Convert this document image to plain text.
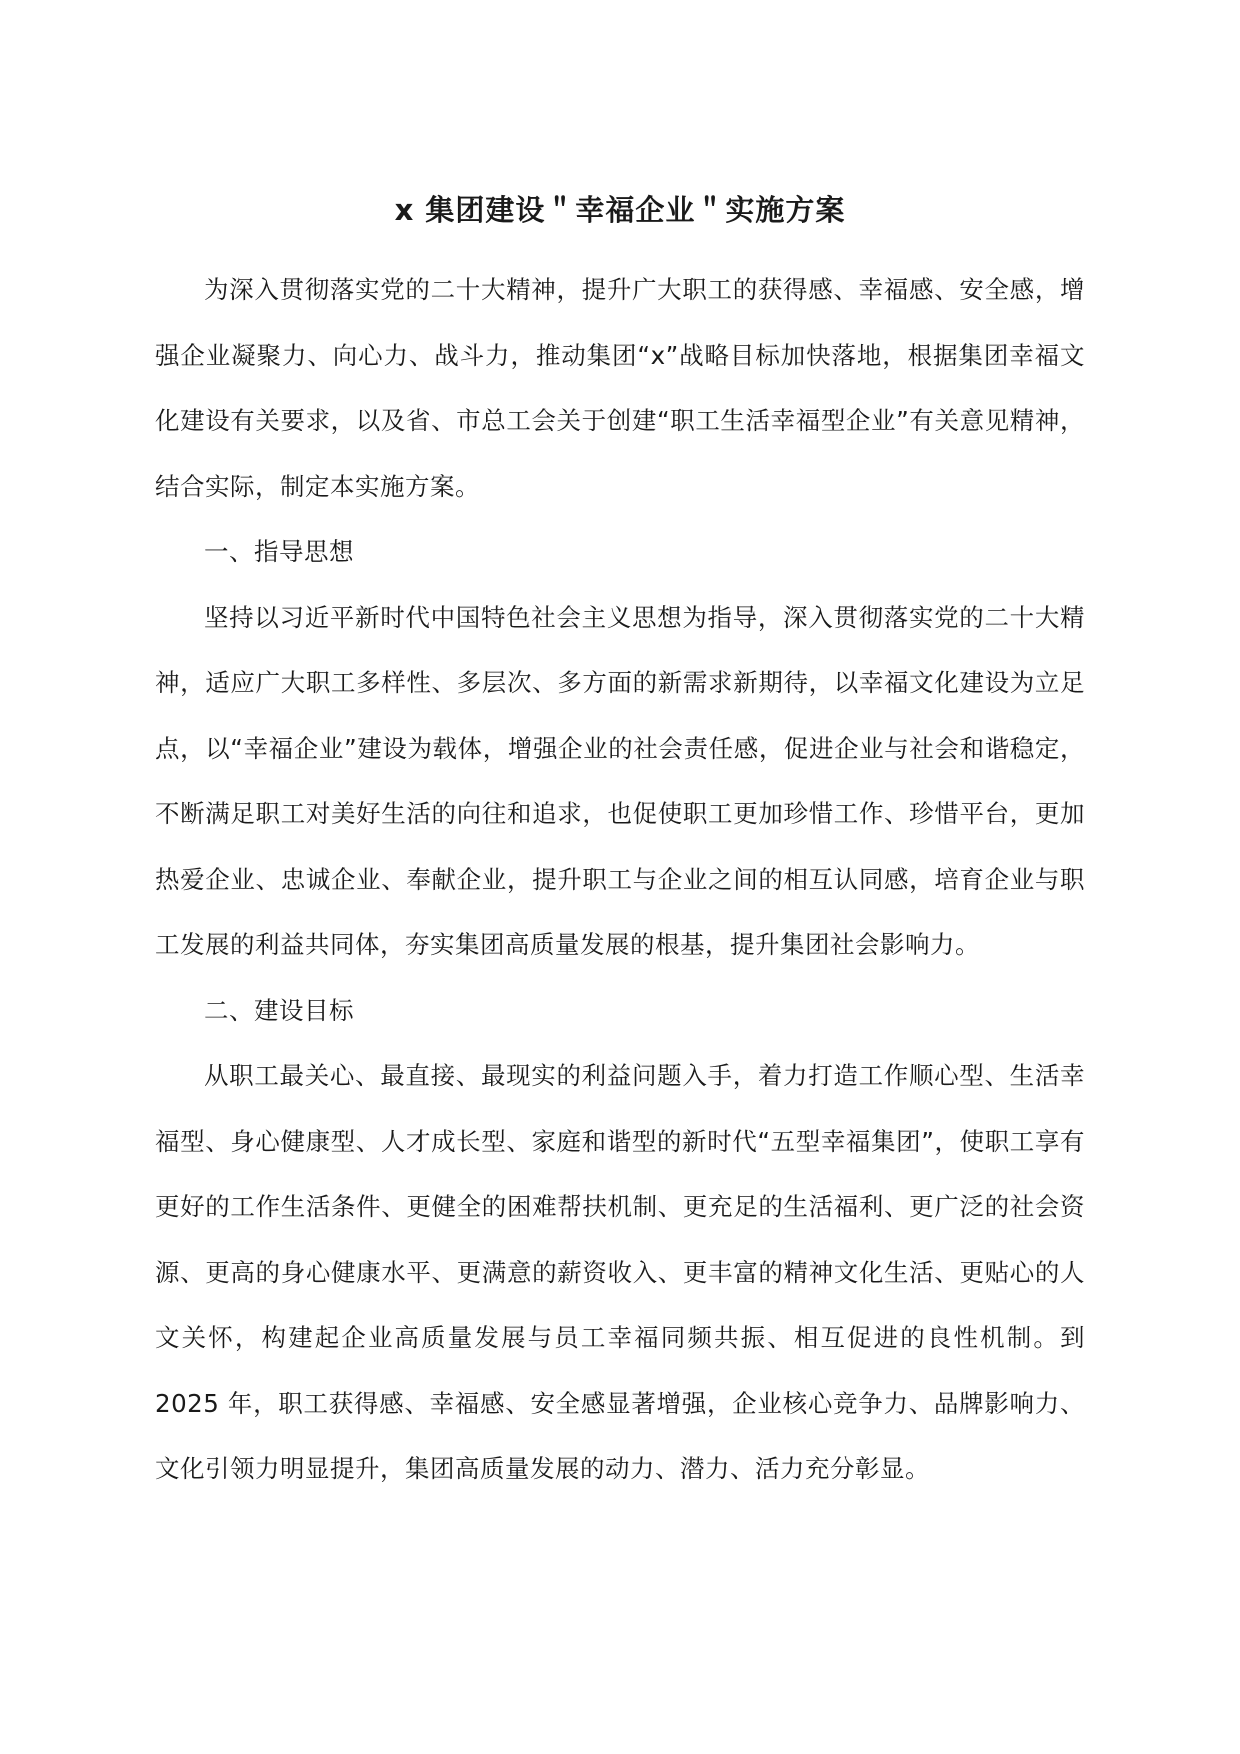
x 集团建设＂幸福企业＂实施方案

为深入贯彻落实党的二十大精神，提升广大职工的获得感、幸福感、安全感，增强企业凝聚力、向心力、战斗力，推动集团“x”战略目标加快落地，根据集团幸福文化建设有关要求，以及省、市总工会关于创建“职工生活幸福型企业”有关意见精神，结合实际，制定本实施方案。

一、指导思想

坚持以习近平新时代中国特色社会主义思想为指导，深入贯彻落实党的二十大精神，适应广大职工多样性、多层次、多方面的新需求新期待，以幸福文化建设为立足点，以“幸福企业”建设为载体，增强企业的社会责任感，促进企业与社会和谐稳定，不断满足职工对美好生活的向往和追求，也促使职工更加珍惜工作、珍惜平台，更加热爱企业、忠诚企业、奉献企业，提升职工与企业之间的相互认同感，培育企业与职工发展的利益共同体，夯实集团高质量发展的根基，提升集团社会影响力。

二、建设目标

从职工最关心、最直接、最现实的利益问题入手，着力打造工作顺心型、生活幸福型、身心健康型、人才成长型、家庭和谐型的新时代“五型幸福集团”，使职工享有更好的工作生活条件、更健全的困难帮扶机制、更充足的生活福利、更广泛的社会资源、更高的身心健康水平、更满意的薪资收入、更丰富的精神文化生活、更贴心的人文关怀，构建起企业高质量发展与员工幸福同频共振、相互促进的良性机制。到 2025 年，职工获得感、幸福感、安全感显著增强，企业核心竞争力、品牌影响力、文化引领力明显提升，集团高质量发展的动力、潜力、活力充分彰显。
